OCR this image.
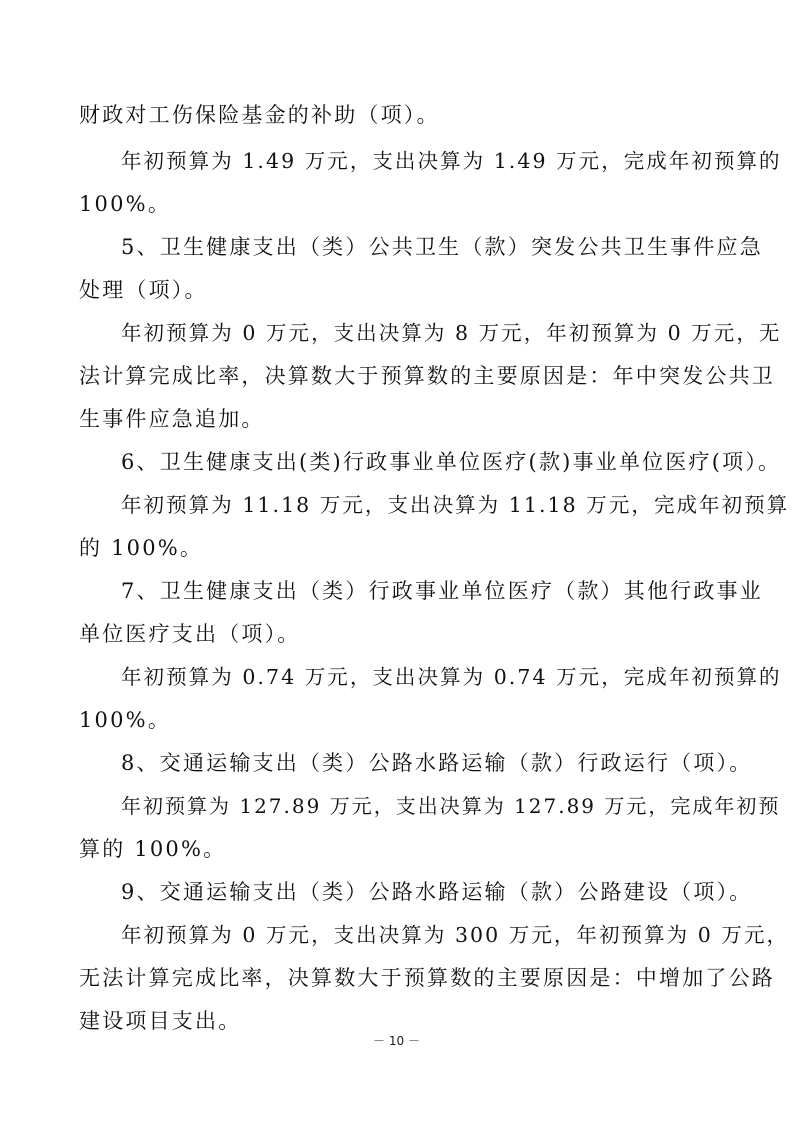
财政对工伤保险基金的补助（项）。
年初预算为 1.49 万元，支出决算为 1.49 万元，完成年初预算的
100%。
5、卫生健康支出（类）公共卫生（款）突发公共卫生事件应急
处理（项）。
年初预算为 0 万元，支出决算为 8 万元，年初预算为 0 万元，无
法计算完成比率，决算数大于预算数的主要原因是：年中突发公共卫
生事件应急追加。
6、卫生健康支出(类)行政事业单位医疗(款)事业单位医疗(项）。
年初预算为 11.18 万元，支出决算为 11.18 万元，完成年初预算
的 100%。
7、卫生健康支出（类）行政事业单位医疗（款）其他行政事业
单位医疗支出（项）。
年初预算为 0.74 万元，支出决算为 0.74 万元，完成年初预算的
100%。
8、交通运输支出（类）公路水路运输（款）行政运行（项）。
年初预算为 127.89 万元，支出决算为 127.89 万元，完成年初预
算的 100%。
9、交通运输支出（类）公路水路运输（款）公路建设（项）。
年初预算为 0 万元，支出决算为 300 万元，年初预算为 0 万元，
无法计算完成比率，决算数大于预算数的主要原因是：中增加了公路
建设项目支出。
－ 10 －
